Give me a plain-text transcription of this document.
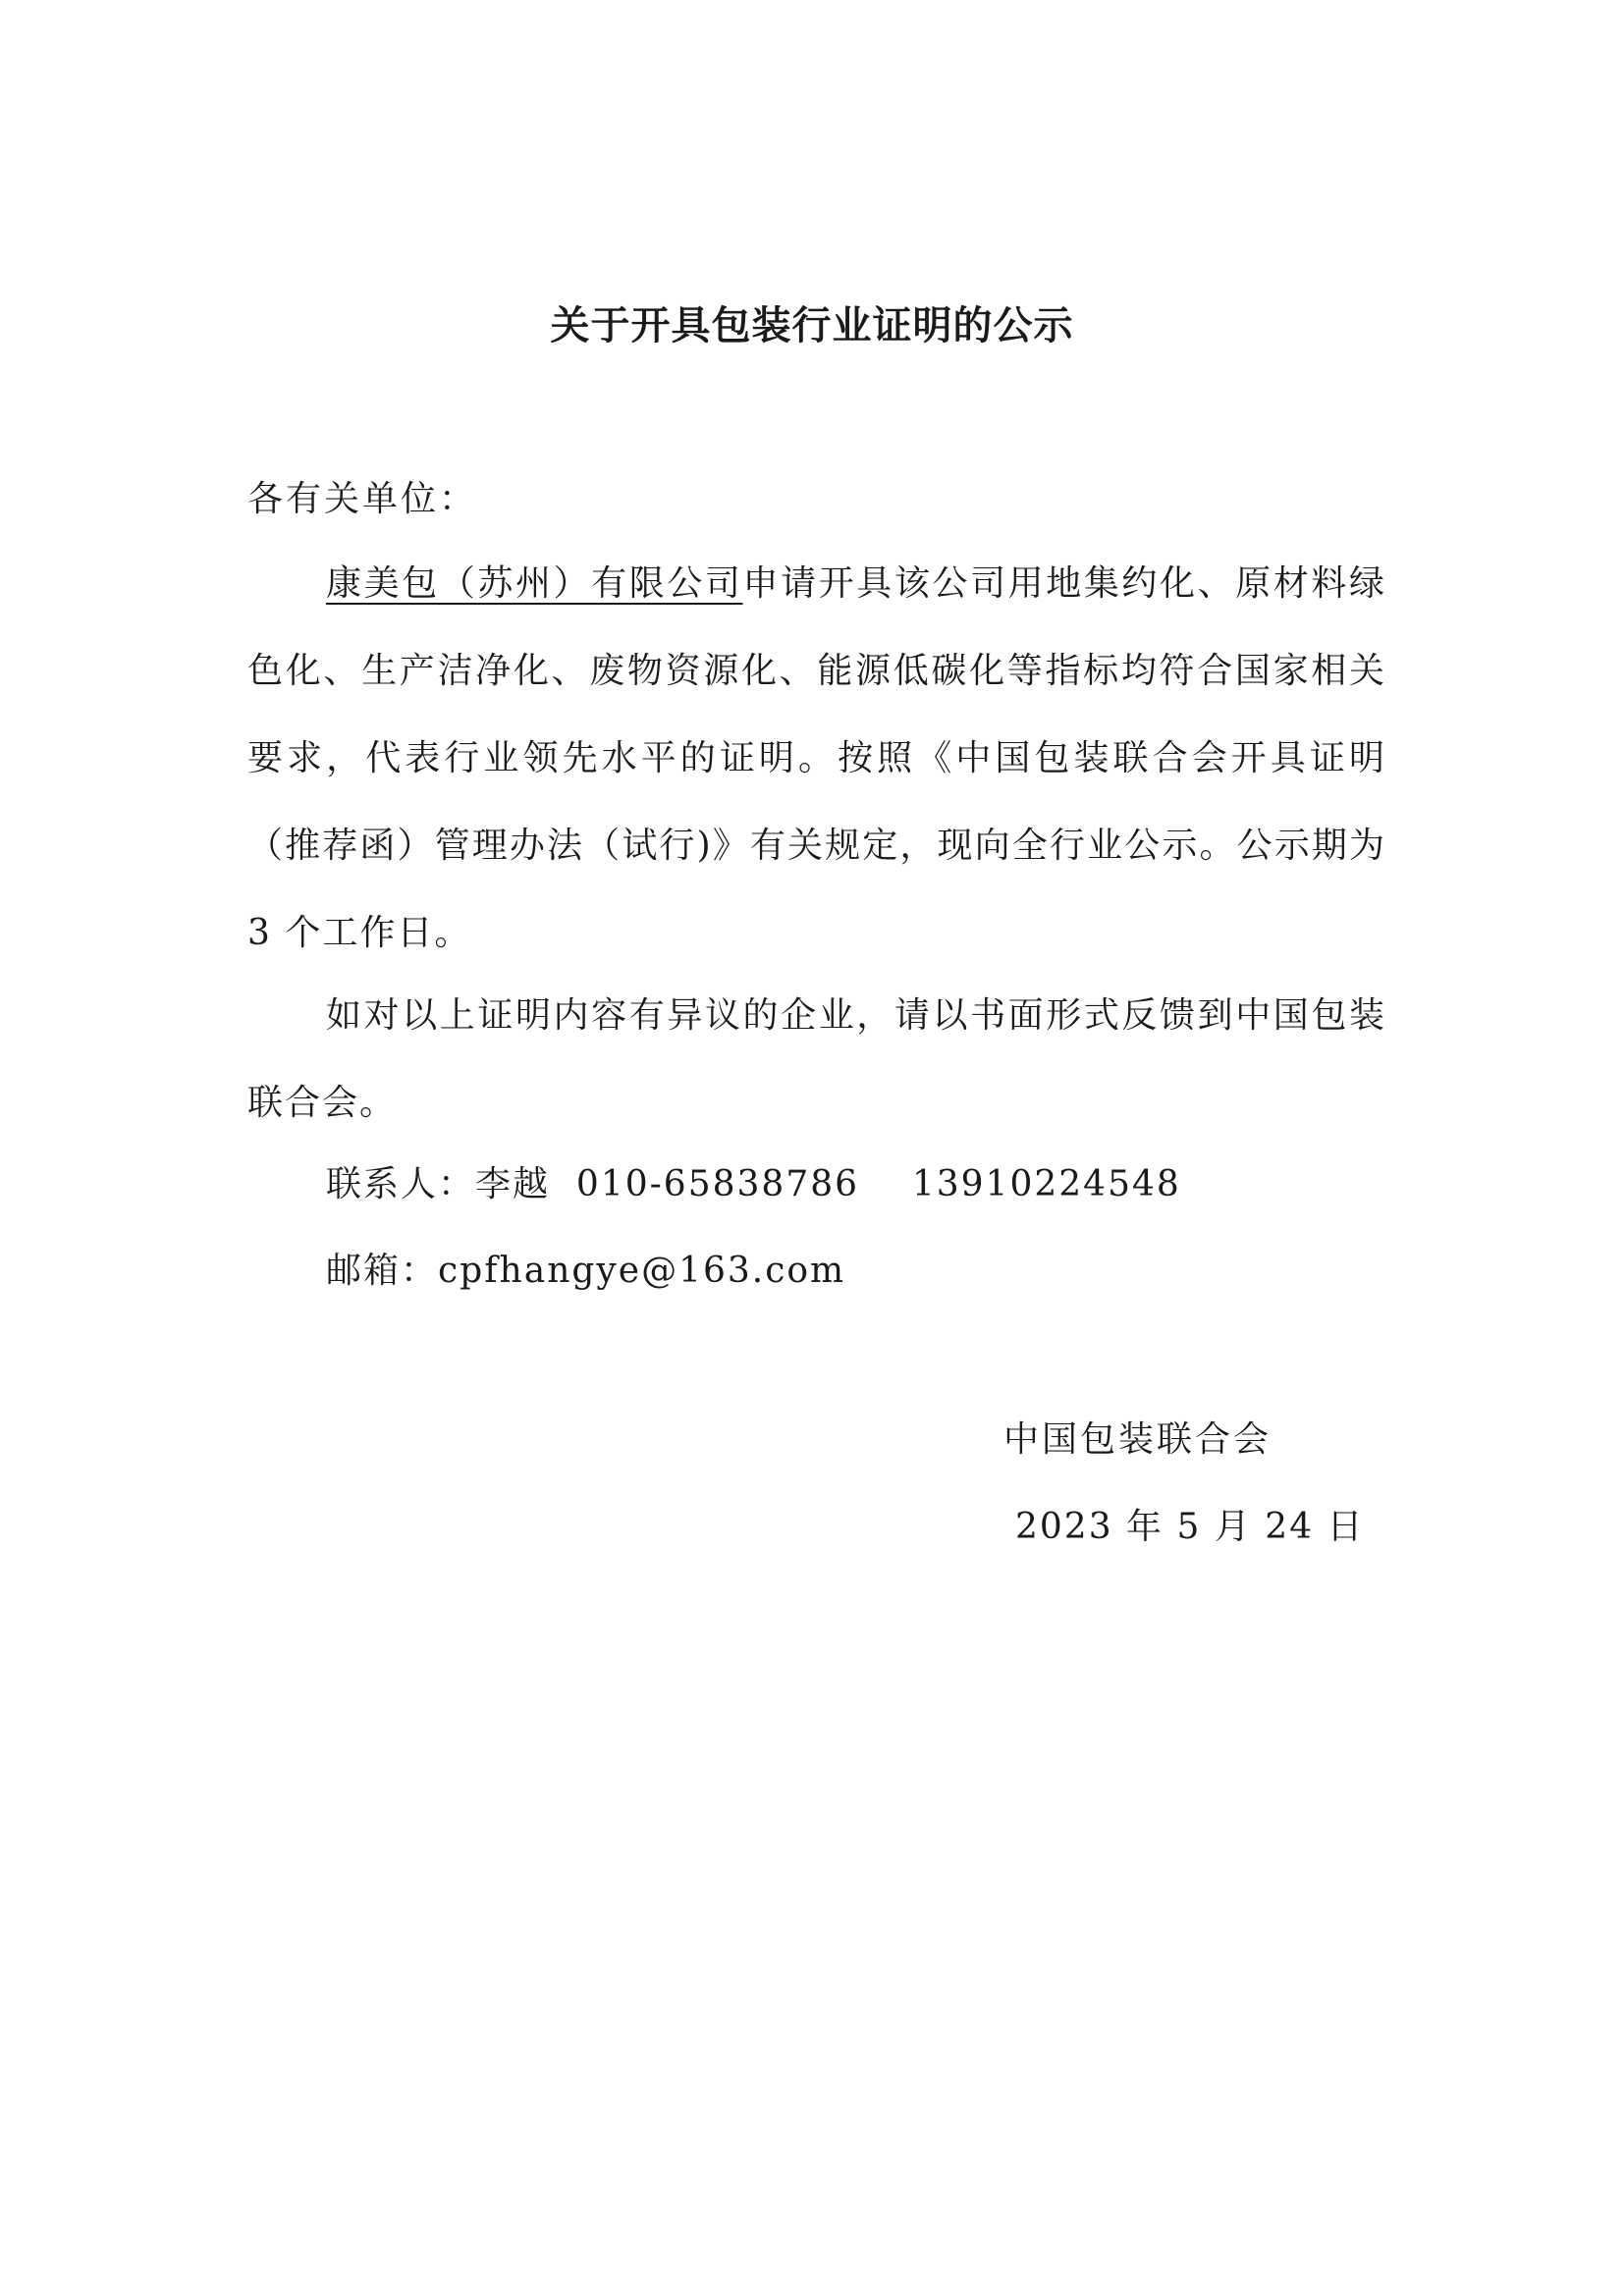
关于开具包装行业证明的公示
各有关单位：
康美包（苏州）有限公司申请开具该公司用地集约化、原材料绿色化、生产洁净化、废物资源化、能源低碳化等指标均符合国家相关要求，代表行业领先水平的证明。按照《中国包装联合会开具证明（推荐函）管理办法（试行)》有关规定，现向全行业公示。公示期为 3 个工作日。
如对以上证明内容有异议的企业，请以书面形式反馈到中国包装联合会。
联系人：李越 010-65838786 13910224548
邮箱：cpfhangye@163.com
中国包装联合会
2023 年 5 月 24 日
